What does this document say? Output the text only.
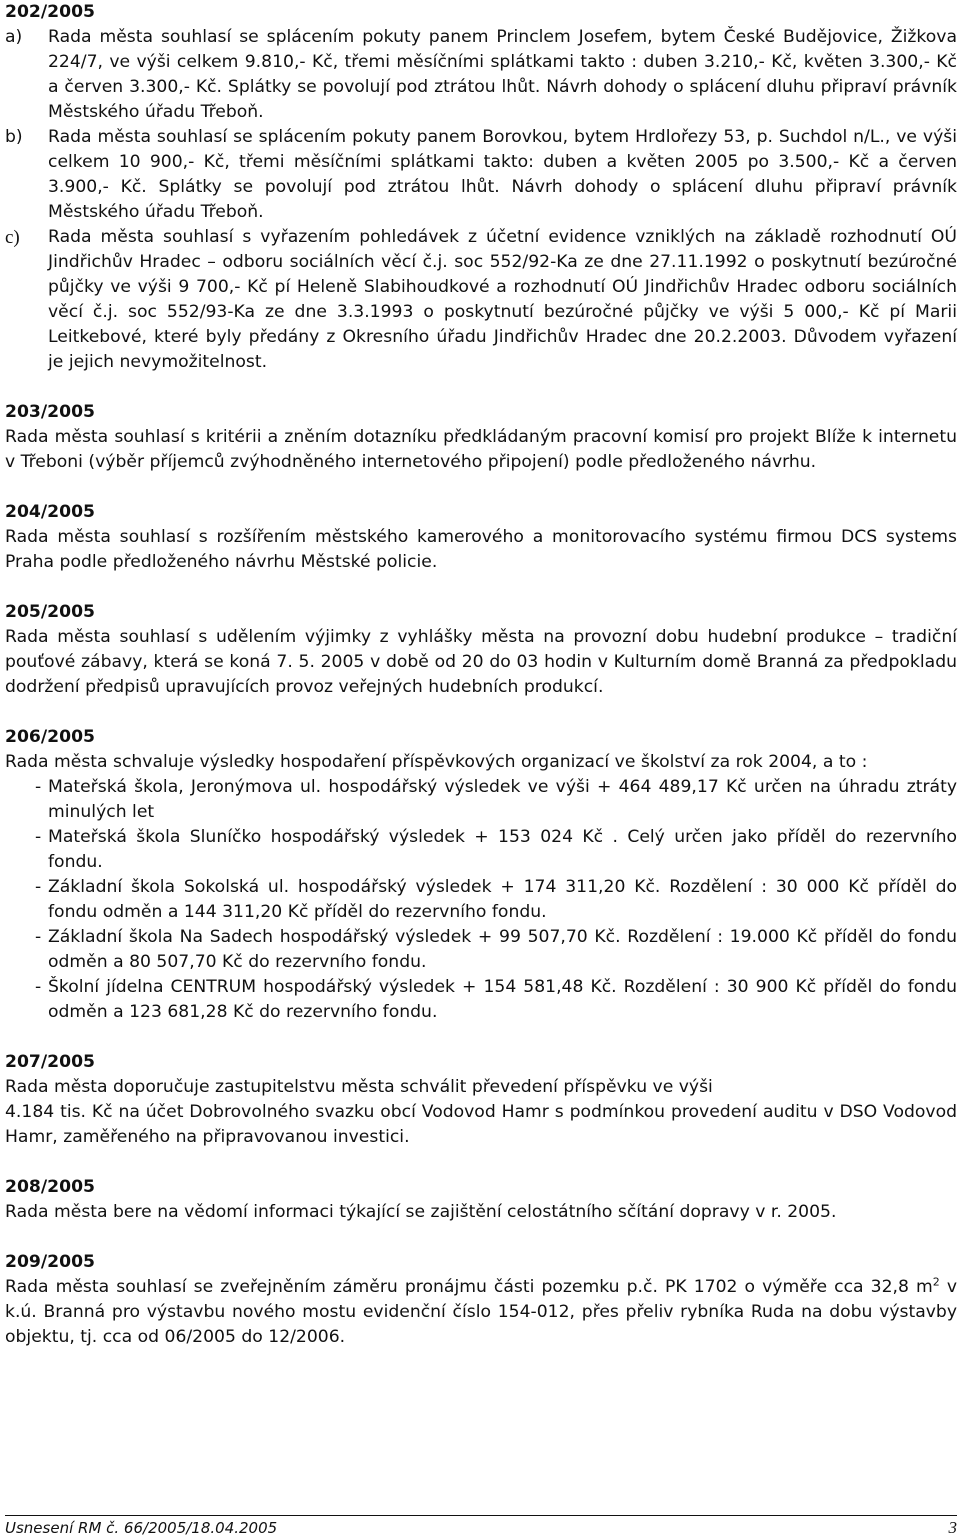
202/2005
a)	Rada města souhlasí se splácením pokuty panem Princlem Josefem, bytem České Budějovice, Žižkova 224/7, ve výši celkem 9.810,- Kč, třemi měsíčními splátkami takto : duben 3.210,- Kč, květen 3.300,- Kč a červen 3.300,- Kč. Splátky se povolují pod ztrátou lhůt. Návrh dohody o splácení dluhu připraví právník Městského úřadu Třeboň.
b)	Rada města souhlasí se splácením pokuty panem Borovkou, bytem Hrdlořezy 53, p. Suchdol n/L., ve výši celkem 10 900,- Kč, třemi měsíčními splátkami takto: duben a květen 2005 po 3.500,- Kč a červen 3.900,- Kč. Splátky se povolují pod ztrátou lhůt. Návrh dohody o splácení dluhu připraví právník Městského úřadu Třeboň.
c)	Rada města souhlasí s vyřazením pohledávek z účetní evidence vzniklých na základě rozhodnutí OÚ Jindřichův Hradec – odboru sociálních věcí č.j. soc 552/92-Ka ze dne 27.11.1992 o poskytnutí bezúročné půjčky ve výši 9 700,- Kč pí Heleně Slabihoudkové a rozhodnutí OÚ Jindřichův Hradec odboru sociálních věcí č.j. soc 552/93-Ka ze dne 3.3.1993 o poskytnutí bezúročné půjčky ve výši 5 000,- Kč pí Marii Leitkebové, které byly předány z Okresního úřadu Jindřichův Hradec dne 20.2.2003. Důvodem vyřazení je jejich nevymožitelnost.
203/2005
Rada města souhlasí s kritérii a zněním dotazníku předkládaným pracovní komisí pro projekt Blíže k internetu v Třeboni (výběr příjemců zvýhodněného internetového připojení) podle předloženého návrhu.
204/2005
Rada města souhlasí s rozšířením městského kamerového a monitorovacího systému firmou DCS systems Praha podle předloženého návrhu Městské policie.
205/2005
Rada města souhlasí s udělením výjimky z vyhlášky města na provozní dobu hudební produkce – tradiční pouťové zábavy, která se koná 7. 5. 2005 v době od 20 do 03 hodin v Kulturním domě Branná za předpokladu dodržení předpisů upravujících provoz veřejných hudebních produkcí.
206/2005
Rada města schvaluje výsledky hospodaření příspěvkových organizací ve školství za rok 2004, a to :
- Mateřská škola, Jeronýmova ul. hospodářský výsledek ve výši + 464 489,17 Kč určen na úhradu ztráty minulých let
- Mateřská škola Sluníčko hospodářský výsledek + 153 024 Kč . Celý určen jako příděl do rezervního fondu.
- Základní škola Sokolská ul. hospodářský výsledek + 174 311,20 Kč. Rozdělení : 30 000 Kč příděl do fondu odměn a 144 311,20 Kč příděl do rezervního fondu.
- Základní škola Na Sadech hospodářský výsledek + 99 507,70 Kč. Rozdělení : 19.000 Kč příděl do fondu odměn a 80 507,70 Kč do rezervního fondu.
- Školní jídelna CENTRUM hospodářský výsledek + 154 581,48 Kč. Rozdělení : 30 900 Kč příděl do fondu odměn a 123 681,28 Kč do rezervního fondu.
207/2005
Rada města doporučuje zastupitelstvu města schválit převedení příspěvku ve výši
4.184 tis. Kč na účet Dobrovolného svazku obcí Vodovod Hamr s podmínkou provedení auditu v DSO Vodovod Hamr, zaměřeného na připravovanou investici.
208/2005
Rada města bere na vědomí informaci týkající se zajištění celostátního sčítání dopravy v r. 2005.
209/2005
Rada města souhlasí se zveřejněním záměru pronájmu části pozemku p.č. PK 1702 o výměře cca 32,8 $m^2$ v k.ú. Branná pro výstavbu nového mostu evidenční číslo 154-012, přes přeliv rybníka Ruda na dobu výstavby objektu, tj. cca od 06/2005 do 12/2006.
Usnesení RM č. 66/2005/18.04.2005	3
